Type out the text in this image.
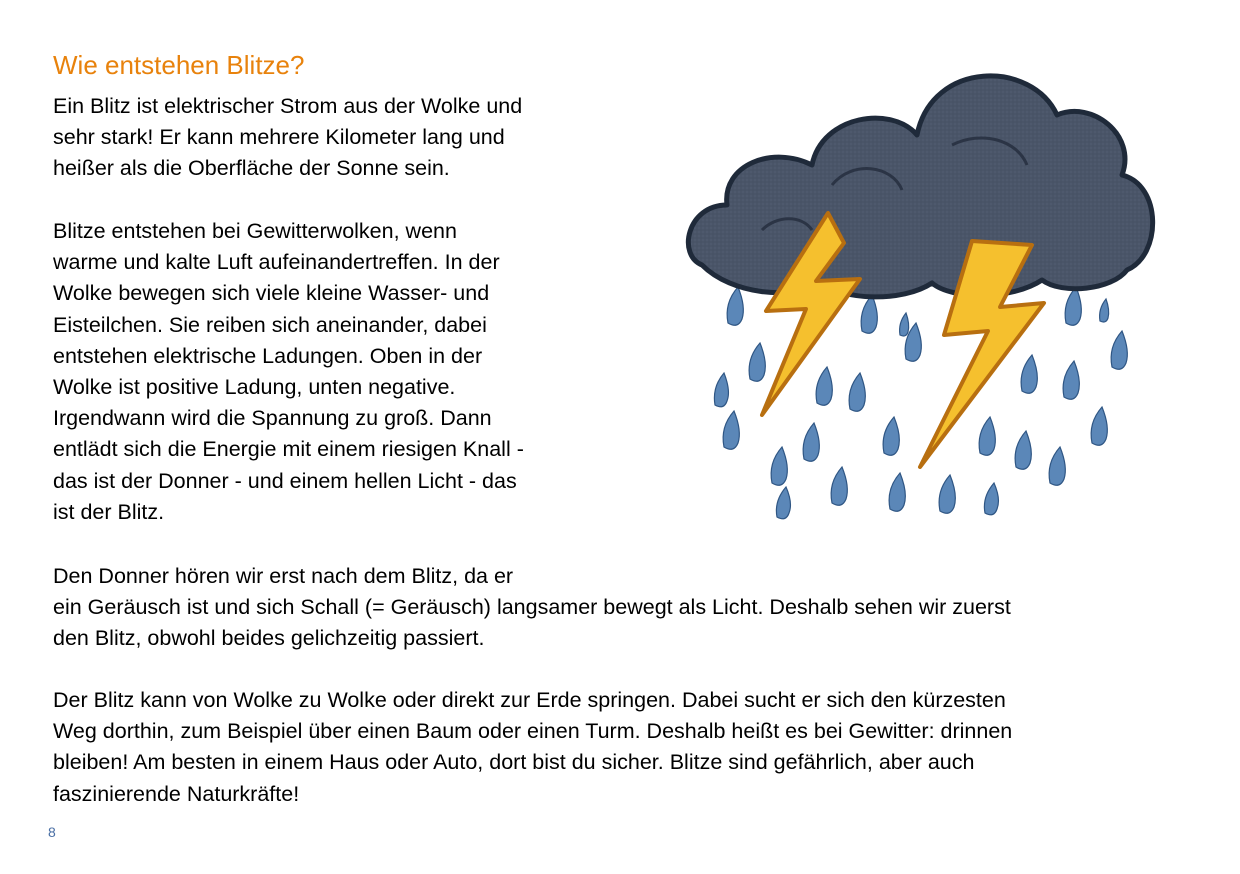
Wie entstehen Blitze?

Ein Blitz ist elektrischer Strom aus der Wolke und
sehr stark! Er kann mehrere Kilometer lang und
heißer als die Oberfläche der Sonne sein.

Blitze entstehen bei Gewitterwolken, wenn
warme und kalte Luft aufeinandertreffen. In der
Wolke bewegen sich viele kleine Wasser- und
Eisteilchen. Sie reiben sich aneinander, dabei
entstehen elektrische Ladungen. Oben in der
Wolke ist positive Ladung, unten negative.
Irgendwann wird die Spannung zu groß. Dann
entlädt sich die Energie mit einem riesigen Knall -
das ist der Donner - und einem hellen Licht - das
ist der Blitz.

Den Donner hören wir erst nach dem Blitz, da er
ein Geräusch ist und sich Schall (= Geräusch) langsamer bewegt als Licht. Deshalb sehen wir zuerst
den Blitz, obwohl beides gelichzeitig passiert.

Der Blitz kann von Wolke zu Wolke oder direkt zur Erde springen. Dabei sucht er sich den kürzesten
Weg dorthin, zum Beispiel über einen Baum oder einen Turm. Deshalb heißt es bei Gewitter: drinnen
bleiben! Am besten in einem Haus oder Auto, dort bist du sicher. Blitze sind gefährlich, aber auch
faszinierende Naturkräfte!

8
